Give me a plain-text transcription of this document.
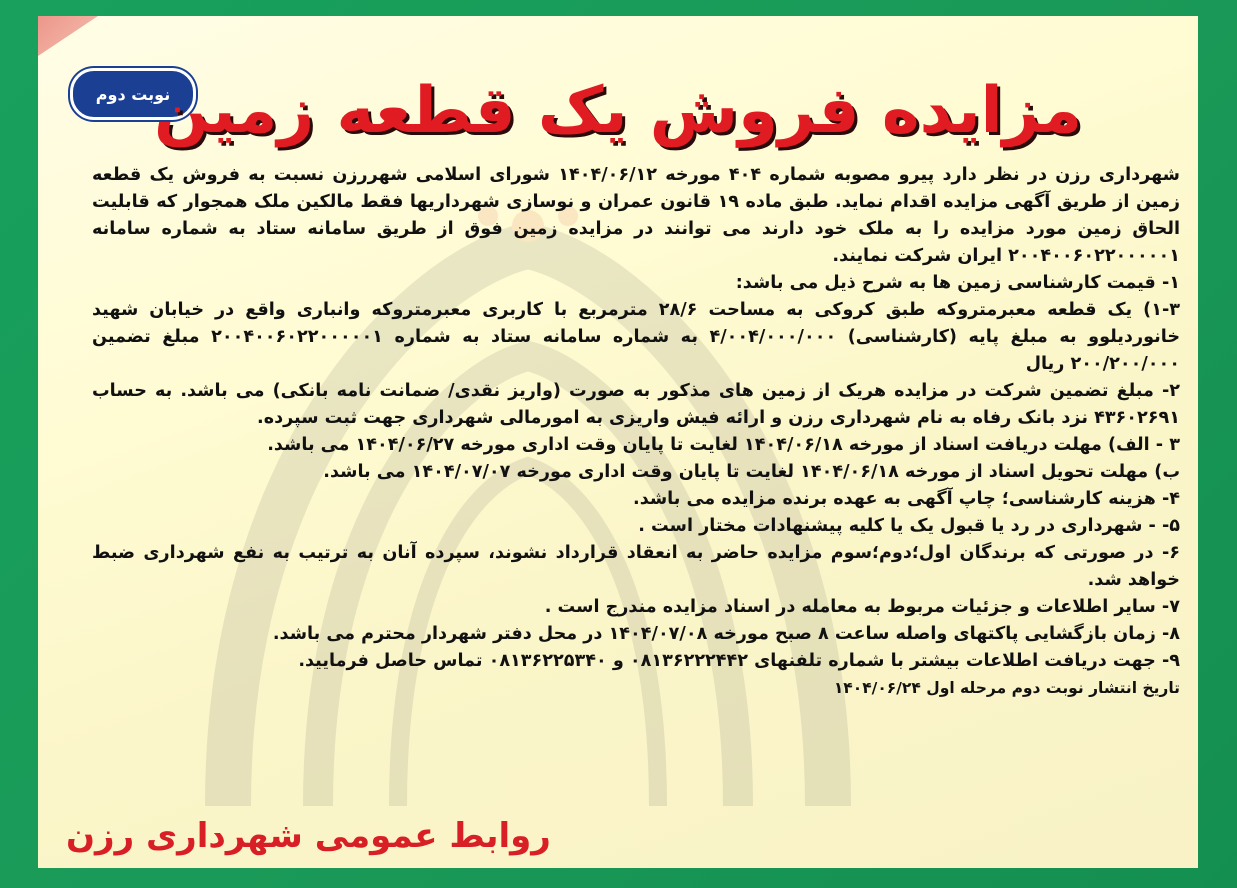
نوبت دوم
مزایده فروش یک قطعه زمین

شهرداری رزن در نظر دارد پیرو مصوبه شماره ۴۰۴ مورخه ۱۴۰۴/۰۶/۱۲ شورای اسلامی شهررزن نسبت به فروش یک قطعه زمین از طریق آگهی مزایده اقدام نماید. طبق ماده ۱۹ قانون عمران و نوسازی شهرداریها فقط مالکین ملک همجوار که قابلیت الحاق زمین مورد مزایده را به ملک خود دارند می توانند در مزایده زمین فوق از طریق سامانه ستاد به شماره سامانه ۲۰۰۴۰۰۶۰۲۲۰۰۰۰۰۱ ایران شرکت نمایند.

۱- قیمت کارشناسی زمین ها به شرح ذیل می باشد:

۱-۳) یک قطعه معبرمتروکه طبق کروکی به مساحت ۲۸/۶ مترمربع با کاربری معبرمتروکه وانباری واقع در خیابان شهید خانوردیلوو به مبلغ پایه (کارشناسی) ۴/۰۰۴/۰۰۰/۰۰۰ به شماره سامانه ستاد به شماره ۲۰۰۴۰۰۶۰۲۲۰۰۰۰۰۱ مبلغ تضمین ۲۰۰/۲۰۰/۰۰۰ ریال

۲- مبلغ تضمین شرکت در مزایده هریک از زمین های مذکور به صورت (واریز نقدی/ ضمانت نامه بانکی) می باشد. به حساب ۴۳۶۰۲۶۹۱ نزد بانک رفاه به نام شهرداری رزن و ارائه فیش واریزی به امورمالی شهرداری جهت ثبت سپرده.

۳ - الف) مهلت دریافت اسناد از مورخه ۱۴۰۴/۰۶/۱۸ لغایت تا پایان وقت اداری مورخه ۱۴۰۴/۰۶/۲۷ می باشد.

ب) مهلت تحویل اسناد از مورخه ۱۴۰۴/۰۶/۱۸ لغایت تا پایان وقت اداری مورخه ۱۴۰۴/۰۷/۰۷ می باشد.

۴- هزینه کارشناسی؛ چاپ آگهی به عهده برنده مزایده می باشد.

۵- - شهرداری در رد یا قبول یک یا کلیه پیشنهادات مختار است .

۶- در صورتی که برندگان اول؛دوم؛سوم مزایده حاضر به انعقاد قرارداد نشوند، سپرده آنان به ترتیب به نفع شهرداری ضبط خواهد شد.

۷- سایر اطلاعات و جزئیات مربوط به معامله در اسناد مزایده مندرج است .

۸- زمان بازگشایی پاکتهای واصله ساعت ۸ صبح مورخه ۱۴۰۴/۰۷/۰۸ در محل دفتر شهردار محترم می باشد.

۹- جهت دریافت اطلاعات بیشتر با شماره تلفنهای ۰۸۱۳۶۲۲۲۴۴۲ و ۰۸۱۳۶۲۲۵۳۴۰ تماس حاصل فرمایید.

تاریخ انتشار نوبت دوم مرحله اول ۱۴۰۴/۰۶/۲۴

روابط عمومی شهرداری رزن
